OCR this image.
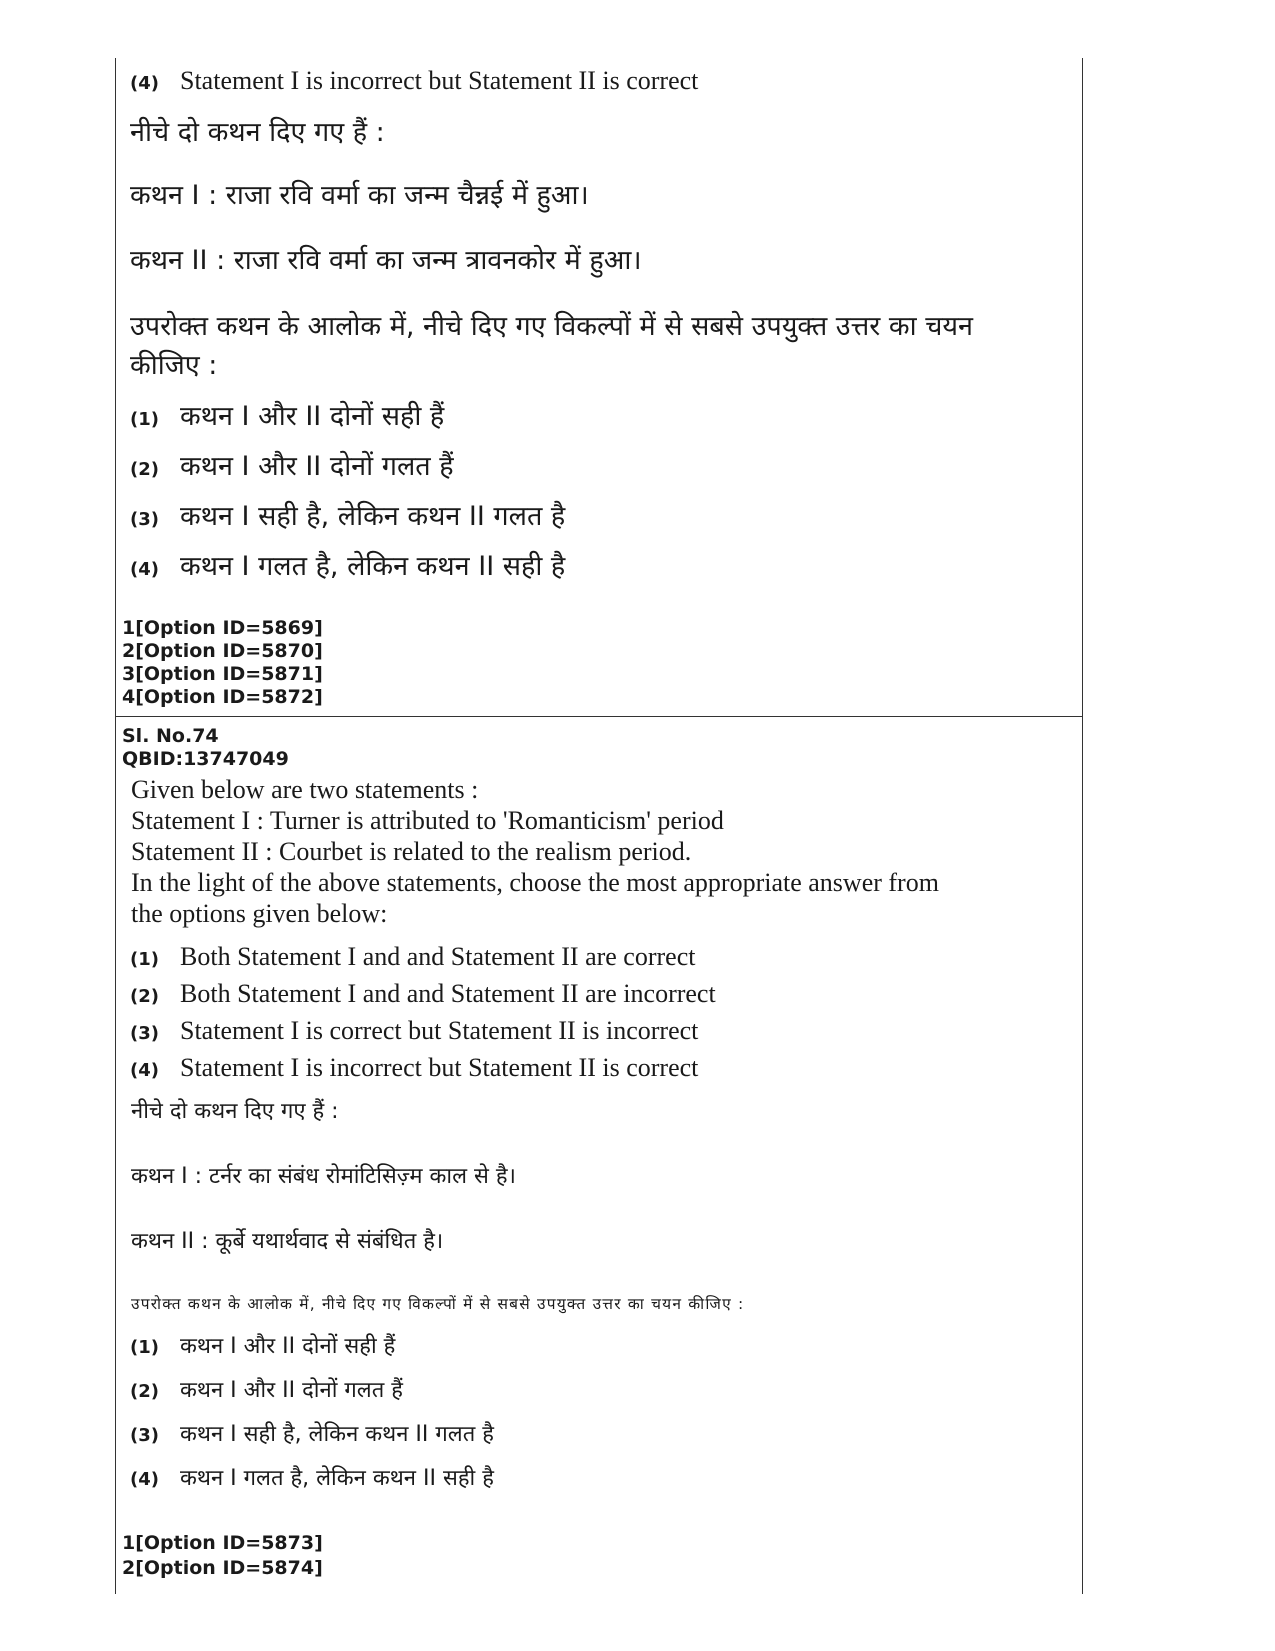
(4) Statement I is incorrect but Statement II is correct
नीचे दो कथन दिए गए हैं :
कथन I : राजा रवि वर्मा का जन्म चैन्नई में हुआ।
कथन II : राजा रवि वर्मा का जन्म त्रावनकोर में हुआ।
उपरोक्त कथन के आलोक में, नीचे दिए गए विकल्पों में से सबसे उपयुक्त उत्तर का चयन
कीजिए :
(1) कथन I और II दोनों सही हैं
(2) कथन I और II दोनों गलत हैं
(3) कथन I सही है, लेकिन कथन II गलत है
(4) कथन I गलत है, लेकिन कथन II सही है
1[Option ID=5869]
2[Option ID=5870]
3[Option ID=5871]
4[Option ID=5872]
Sl. No.74
QBID:13747049
Given below are two statements :
Statement I : Turner is attributed to 'Romanticism' period
Statement II : Courbet is related to the realism period.
In the light of the above statements, choose the most appropriate answer from
the options given below:
(1) Both Statement I and and Statement II are correct
(2) Both Statement I and and Statement II are incorrect
(3) Statement I is correct but Statement II is incorrect
(4) Statement I is incorrect but Statement II is correct
नीचे दो कथन दिए गए हैं :
कथन I : टर्नर का संबंध रोमांटिसिज़्म काल से है।
कथन II : कूर्बे यथार्थवाद से संबंधित है।
उपरोक्त कथन के आलोक में, नीचे दिए गए विकल्पों में से सबसे उपयुक्त उत्तर का चयन कीजिए :
(1) कथन I और II दोनों सही हैं
(2) कथन I और II दोनों गलत हैं
(3) कथन I सही है, लेकिन कथन II गलत है
(4) कथन I गलत है, लेकिन कथन II सही है
1[Option ID=5873]
2[Option ID=5874]
